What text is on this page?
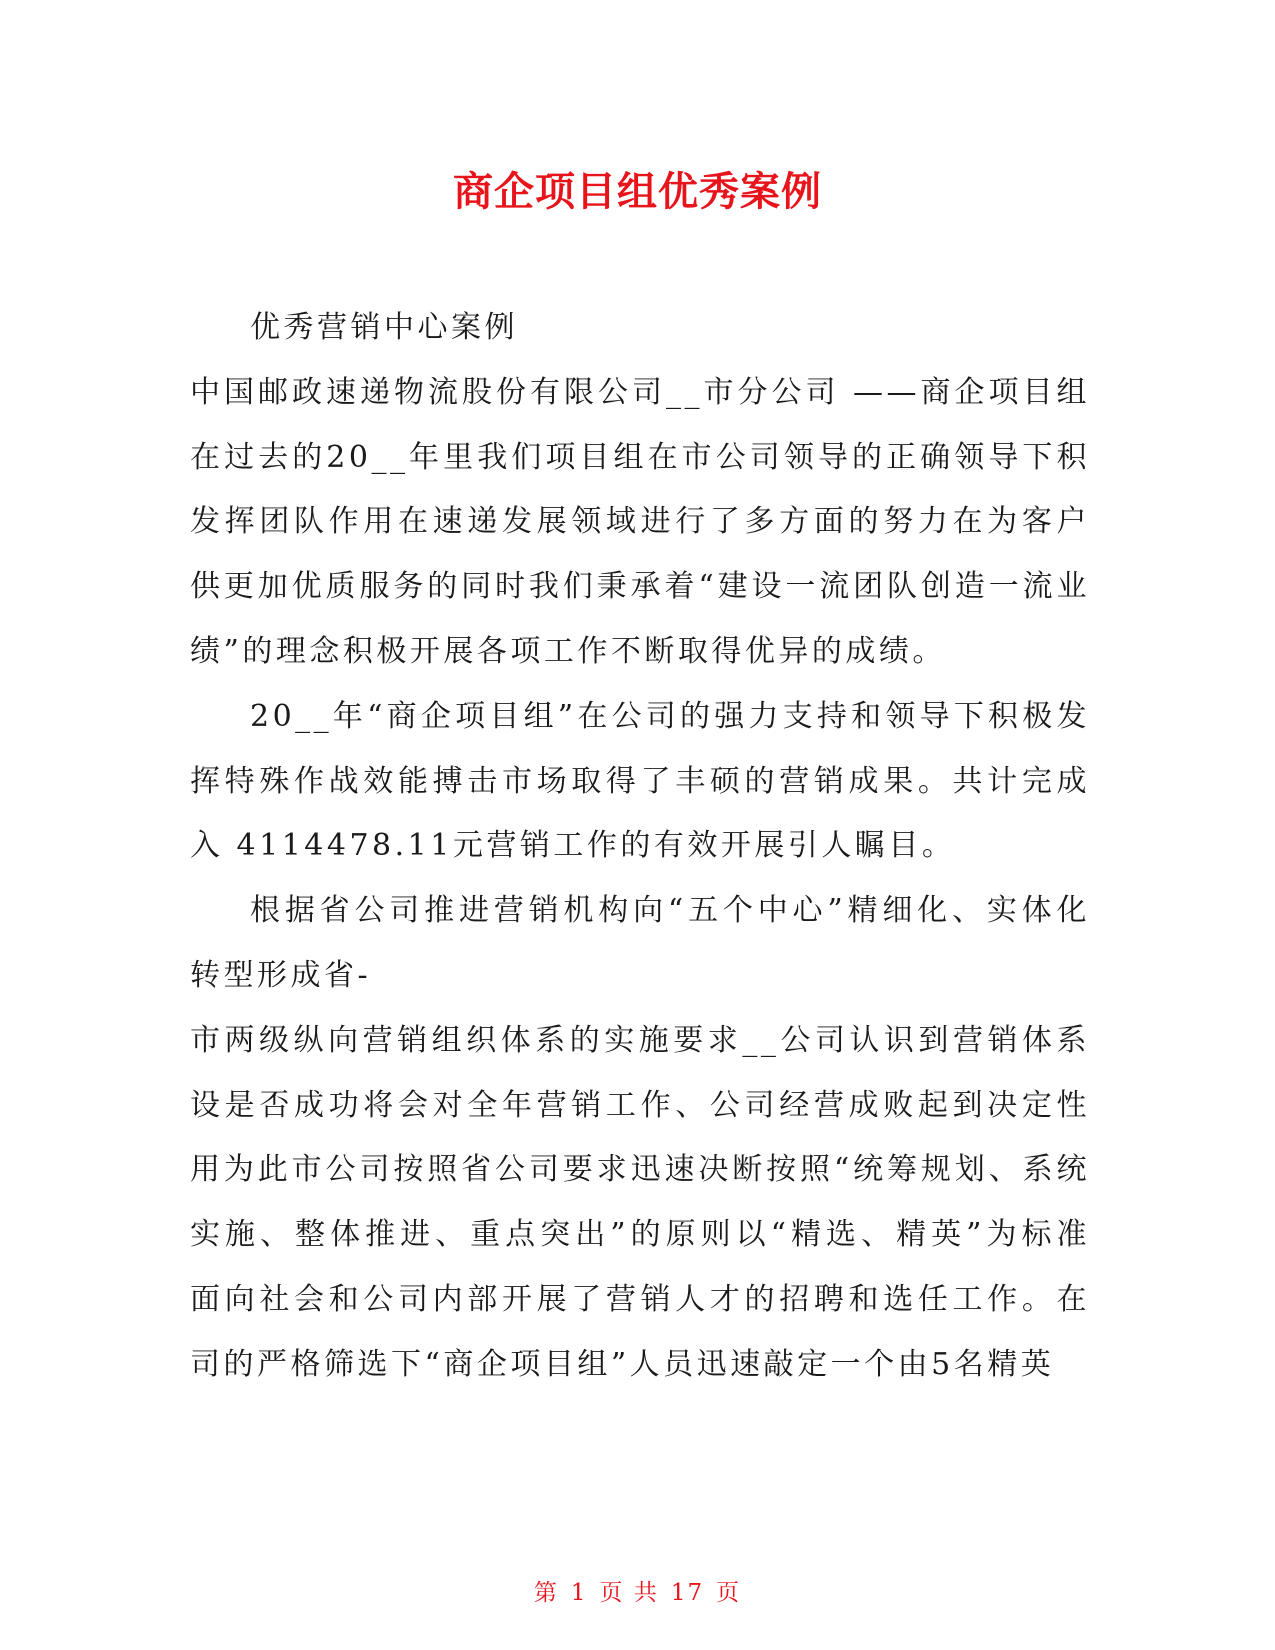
商企项目组优秀案例
优秀营销中心案例
中国邮政速递物流股份有限公司__市分公司 ——商企项目组
在过去的20__年里我们项目组在市公司领导的正确领导下积
发挥团队作用在速递发展领域进行了多方面的努力在为客户
供更加优质服务的同时我们秉承着“建设一流团队创造一流业
绩”的理念积极开展各项工作不断取得优异的成绩。
20__年“商企项目组”在公司的强力支持和领导下积极发
挥特殊作战效能搏击市场取得了丰硕的营销成果。共计完成
入 4114478.11元营销工作的有效开展引人瞩目。
根据省公司推进营销机构向“五个中心”精细化、实体化
转型形成省-
市两级纵向营销组织体系的实施要求__公司认识到营销体系
设是否成功将会对全年营销工作、公司经营成败起到决定性
用为此市公司按照省公司要求迅速决断按照“统筹规划、系统
实施、整体推进、重点突出”的原则以“精选、精英”为标准
面向社会和公司内部开展了营销人才的招聘和选任工作。在
司的严格筛选下“商企项目组”人员迅速敲定一个由5名精英
第 1 页 共 17 页
